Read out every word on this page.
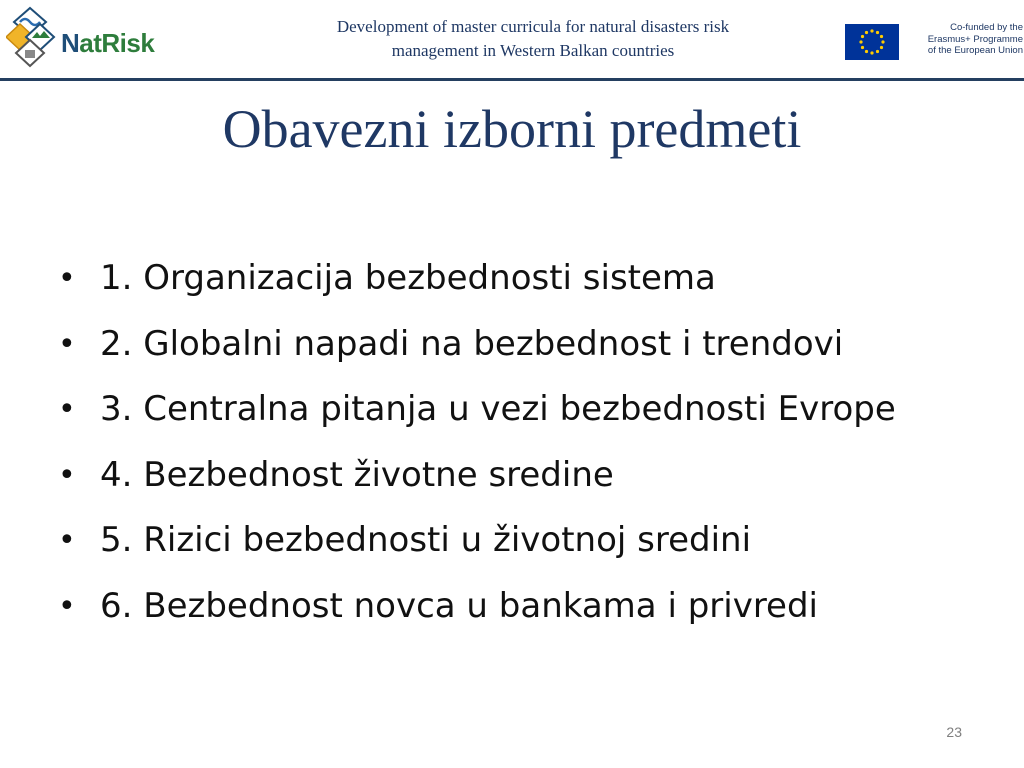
NatRisk
Development of master curricula for natural disasters risk
management in Western Balkan countries
Co-funded by the
Erasmus+ Programme
of the European Union
Obavezni izborni predmeti
• 1. Organizacija bezbednosti sistema
• 2. Globalni napadi na bezbednost i trendovi
• 3. Centralna pitanja u vezi bezbednosti Evrope
• 4. Bezbednost životne sredine
• 5. Rizici bezbednosti u životnoj sredini
• 6. Bezbednost novca u bankama i privredi
23
